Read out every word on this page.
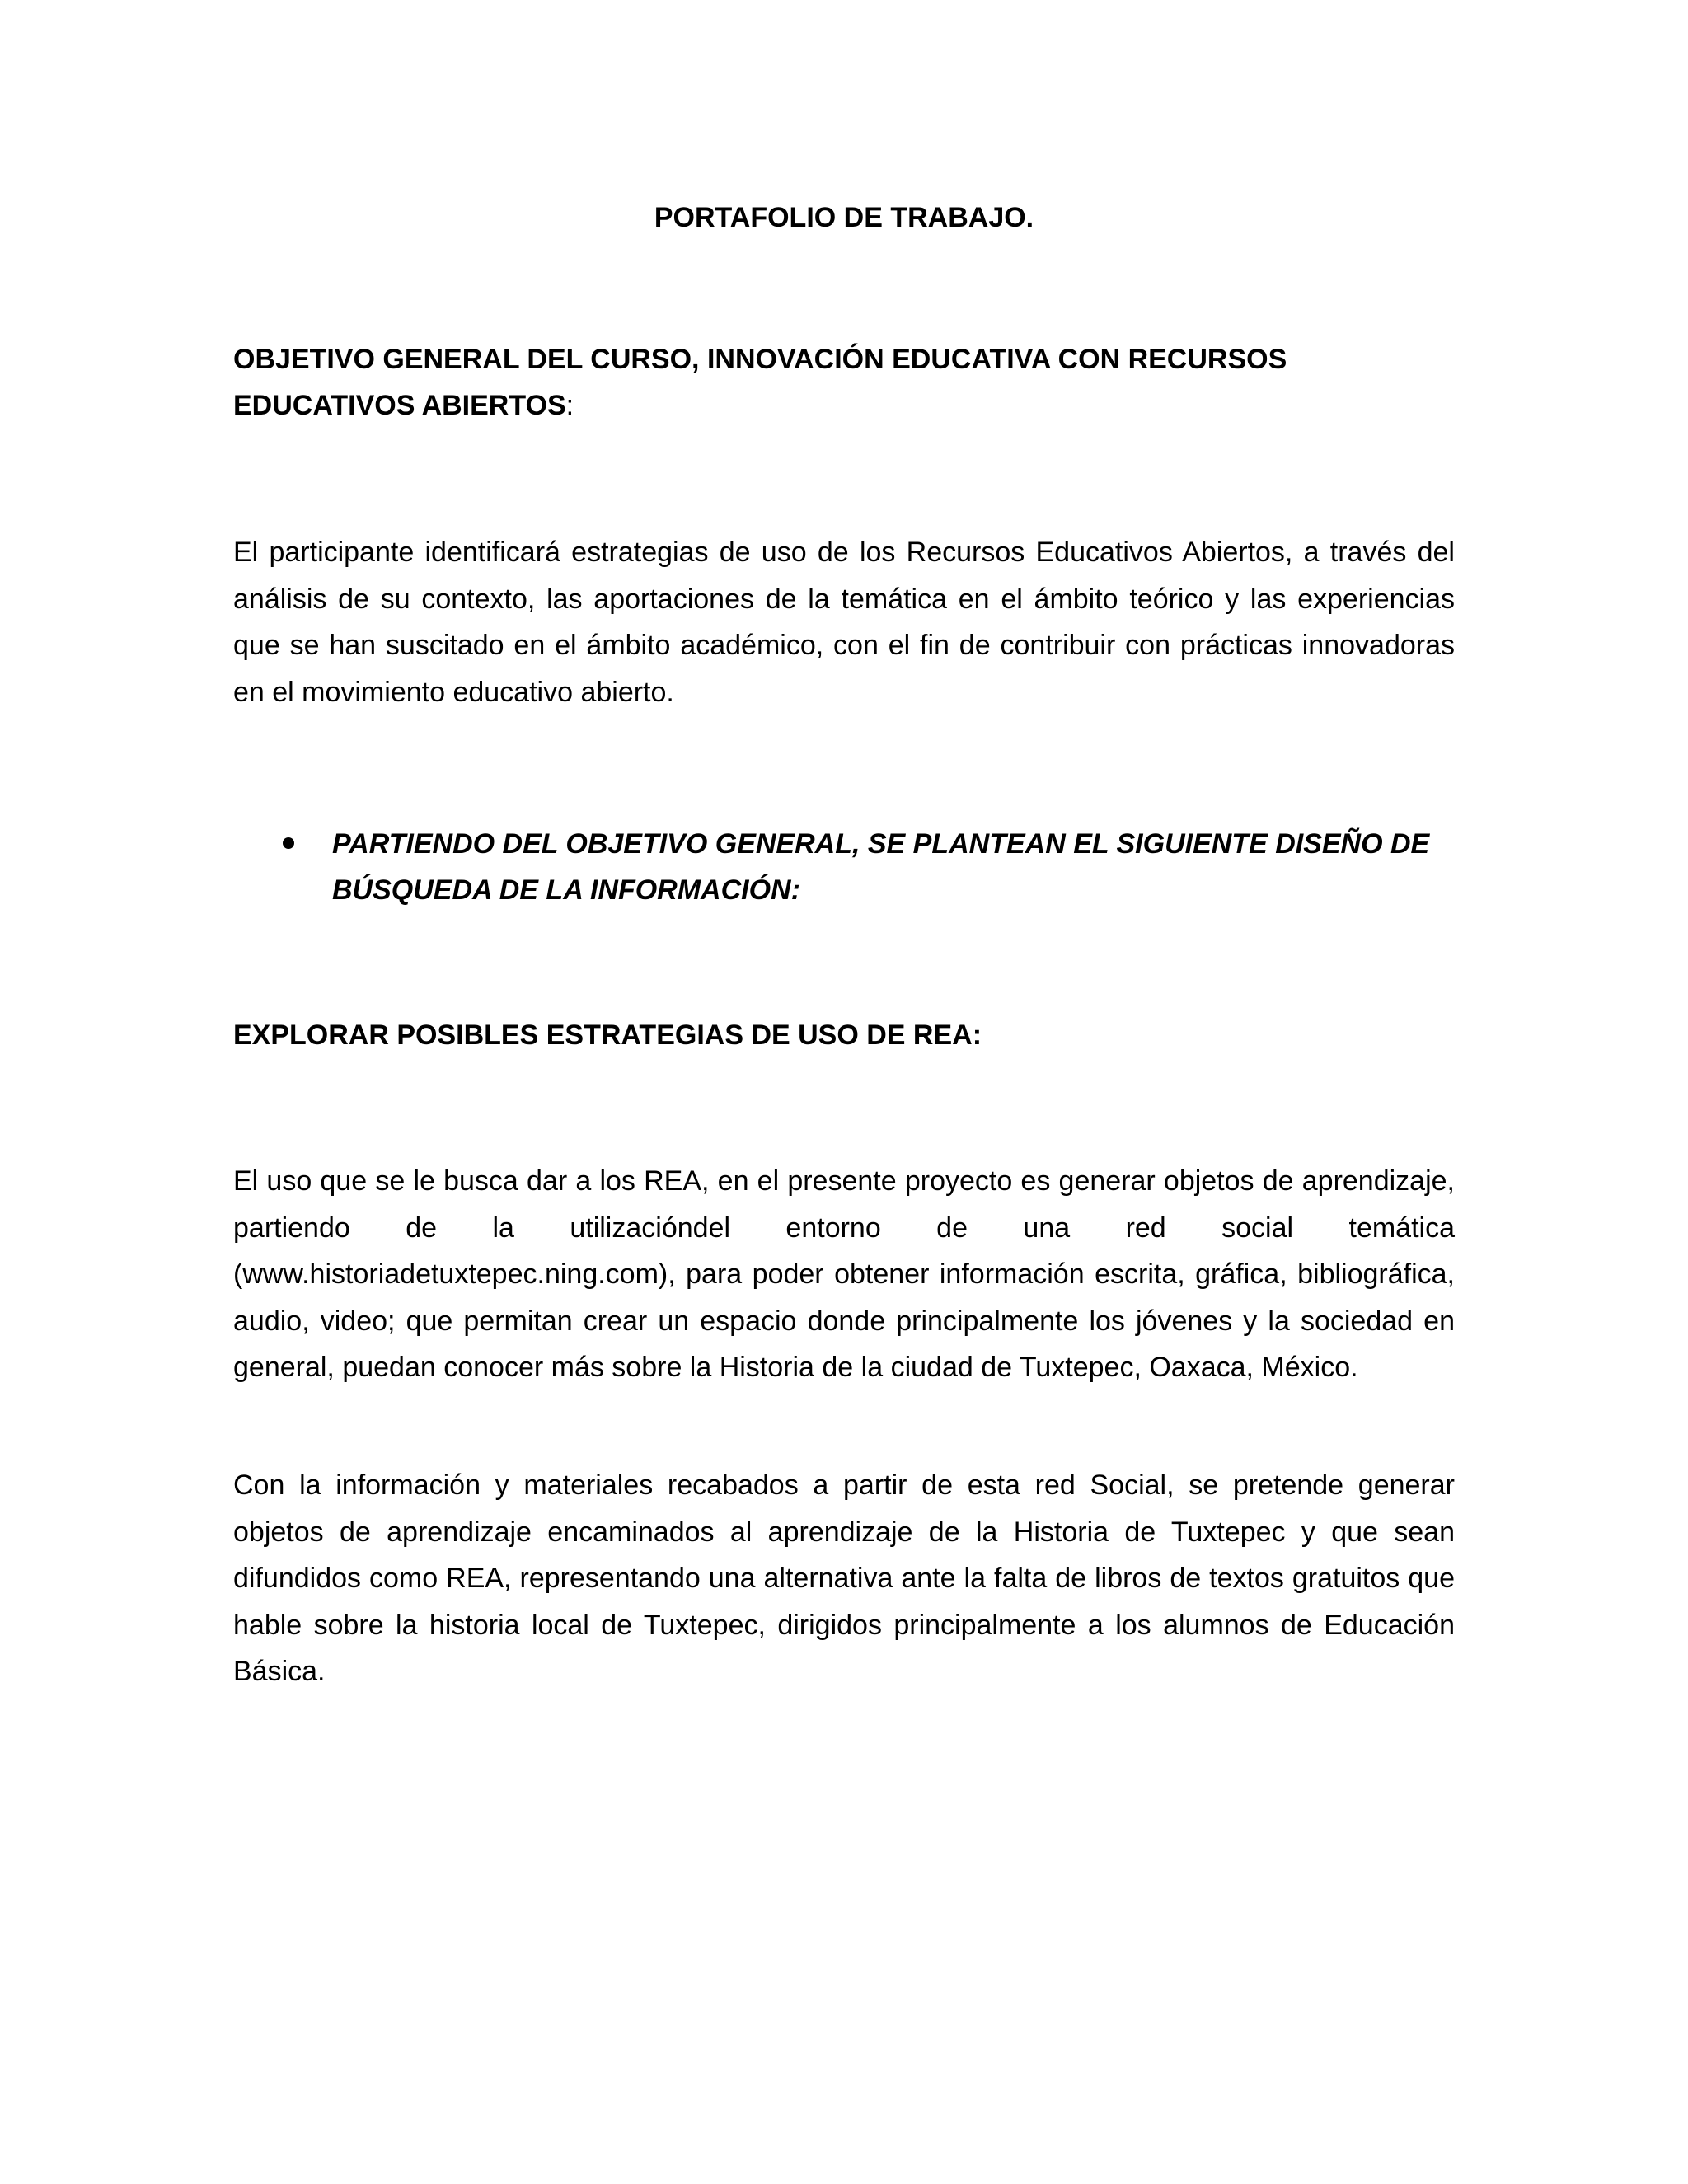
PORTAFOLIO DE TRABAJO.
OBJETIVO GENERAL DEL CURSO, INNOVACIÓN EDUCATIVA CON RECURSOS EDUCATIVOS ABIERTOS:

El participante identificará estrategias de uso de los Recursos Educativos Abiertos, a través del análisis de su contexto, las aportaciones de la temática en el ámbito teórico y las experiencias que se han suscitado en el ámbito académico, con el fin de contribuir con prácticas innovadoras en el movimiento educativo abierto.

PARTIENDO DEL OBJETIVO GENERAL, SE PLANTEAN EL SIGUIENTE DISEÑO DE BÚSQUEDA DE LA INFORMACIÓN:

EXPLORAR POSIBLES ESTRATEGIAS DE USO DE REA:

El uso que se le busca dar a los REA, en el presente proyecto es generar objetos de aprendizaje, partiendo de la utilizacióndel entorno de una red social temática (www.historiadetuxtepec.ning.com), para poder obtener información escrita, gráfica, bibliográfica, audio, video; que permitan crear un espacio donde principalmente los jóvenes y la sociedad en general, puedan conocer más sobre la Historia de la ciudad de Tuxtepec, Oaxaca, México.

Con la información y materiales recabados a partir de esta red Social, se pretende generar objetos de aprendizaje encaminados al aprendizaje de la Historia de Tuxtepec y que sean difundidos como REA, representando una alternativa ante la falta de libros de textos gratuitos que hable sobre la historia local de Tuxtepec, dirigidos principalmente a los alumnos de Educación Básica.
